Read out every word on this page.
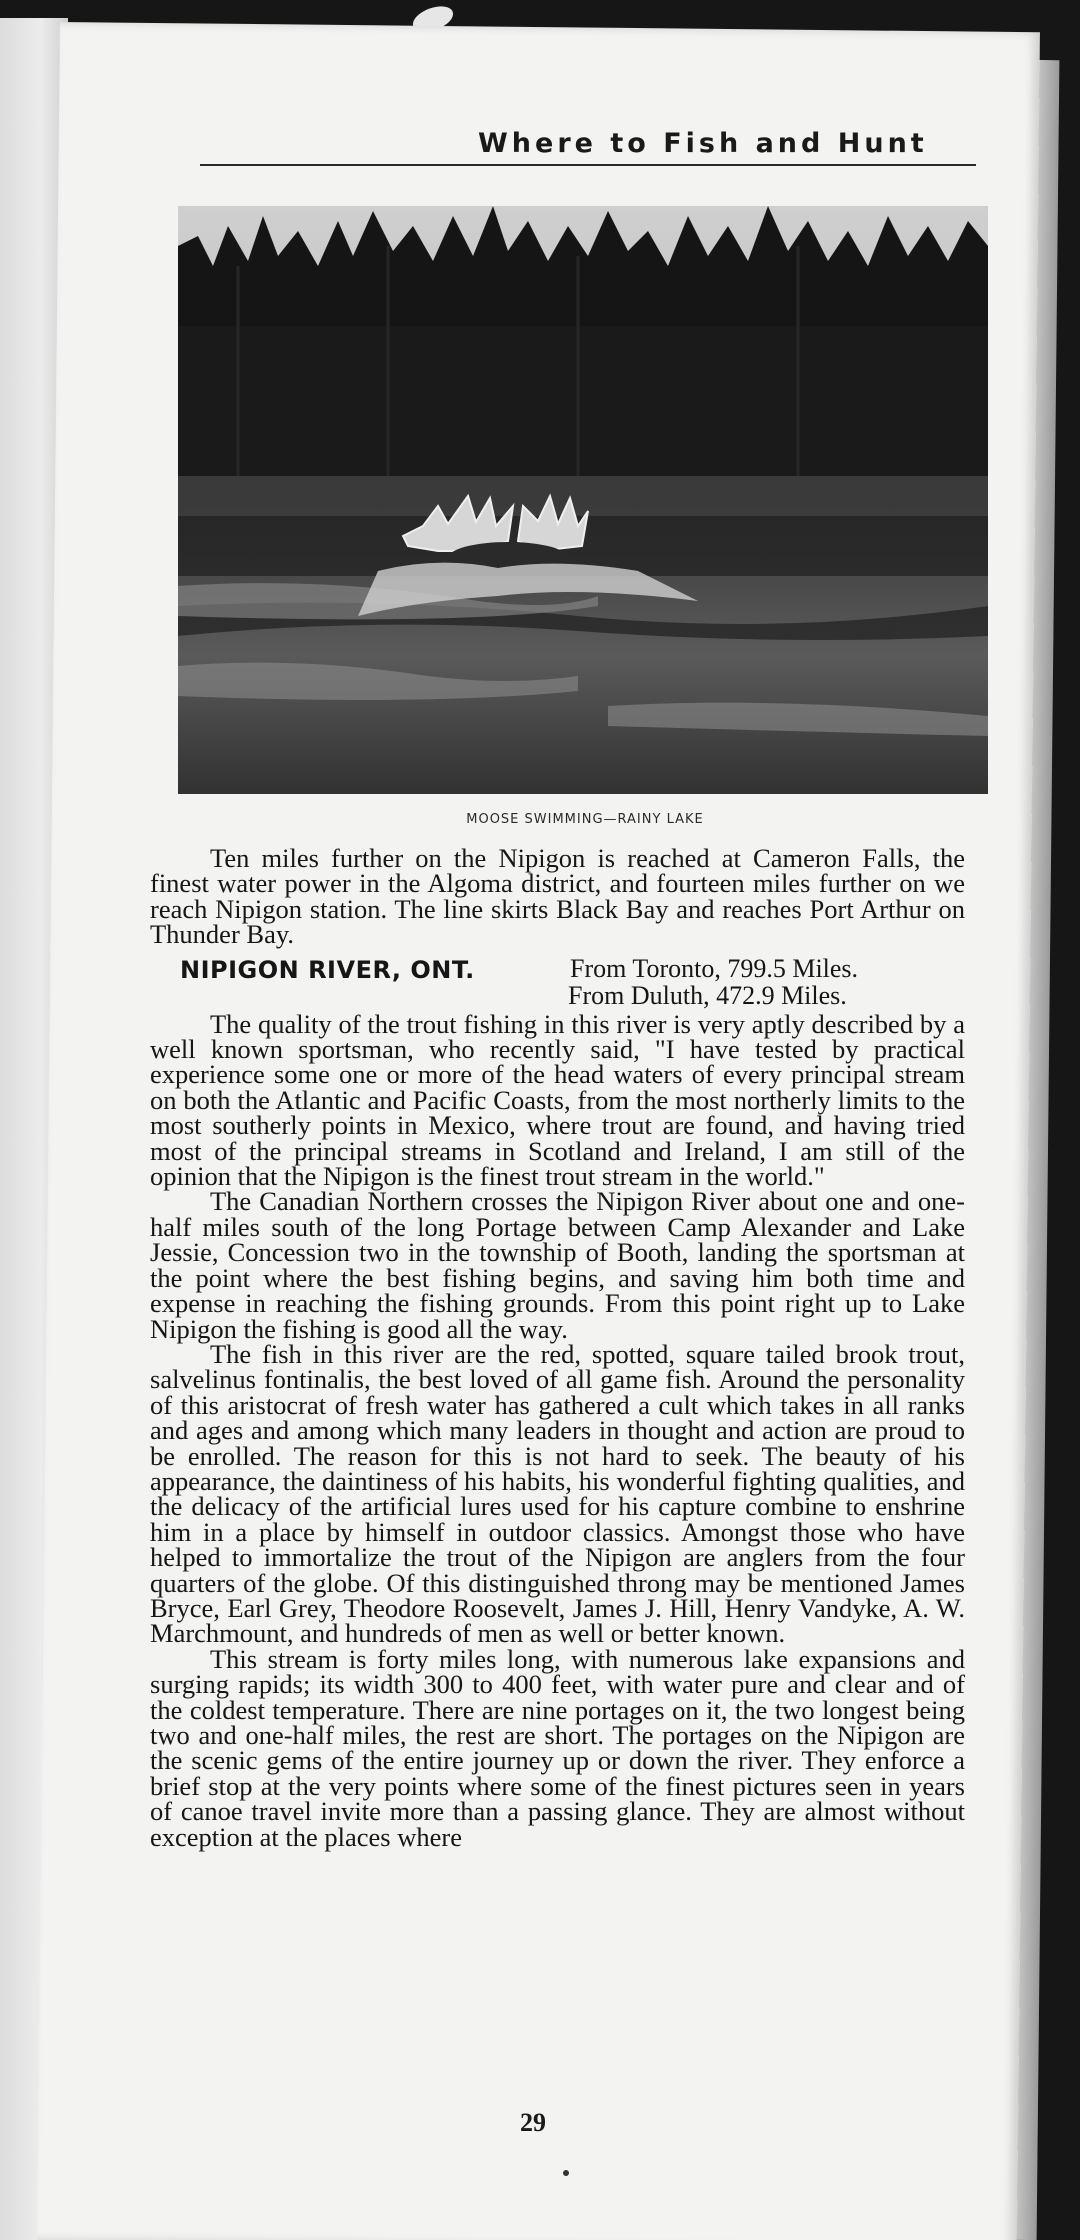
Where to Fish and Hunt
MOOSE SWIMMING—RAINY LAKE

Ten miles further on the Nipigon is reached at Cameron Falls, the finest water power in the Algoma district, and fourteen miles further on we reach Nipigon station. The line skirts Black Bay and reaches Port Arthur on Thunder Bay.

NIPIGON RIVER, ONT.	From Toronto, 799.5 Miles.
From Duluth, 472.9 Miles.

The quality of the trout fishing in this river is very aptly described by a well known sportsman, who recently said, "I have tested by practical experience some one or more of the head waters of every principal stream on both the Atlantic and Pacific Coasts, from the most northerly limits to the most southerly points in Mexico, where trout are found, and having tried most of the principal streams in Scotland and Ireland, I am still of the opinion that the Nipigon is the finest trout stream in the world."

The Canadian Northern crosses the Nipigon River about one and one-half miles south of the long Portage between Camp Alexander and Lake Jessie, Concession two in the township of Booth, landing the sportsman at the point where the best fishing begins, and saving him both time and expense in reaching the fishing grounds. From this point right up to Lake Nipigon the fishing is good all the way.

The fish in this river are the red, spotted, square tailed brook trout, salvelinus fontinalis, the best loved of all game fish. Around the personality of this aristocrat of fresh water has gathered a cult which takes in all ranks and ages and among which many leaders in thought and action are proud to be enrolled. The reason for this is not hard to seek. The beauty of his appearance, the daintiness of his habits, his wonderful fighting qualities, and the delicacy of the artificial lures used for his capture combine to enshrine him in a place by himself in outdoor classics. Amongst those who have helped to immortalize the trout of the Nipigon are anglers from the four quarters of the globe. Of this distinguished throng may be mentioned James Bryce, Earl Grey, Theodore Roosevelt, James J. Hill, Henry Vandyke, A. W. Marchmount, and hundreds of men as well or better known.

This stream is forty miles long, with numerous lake expansions and surging rapids; its width 300 to 400 feet, with water pure and clear and of the coldest temperature. There are nine portages on it, the two longest being two and one-half miles, the rest are short. The portages on the Nipigon are the scenic gems of the entire journey up or down the river. They enforce a brief stop at the very points where some of the finest pictures seen in years of canoe travel invite more than a passing glance. They are almost without exception at the places where

29
